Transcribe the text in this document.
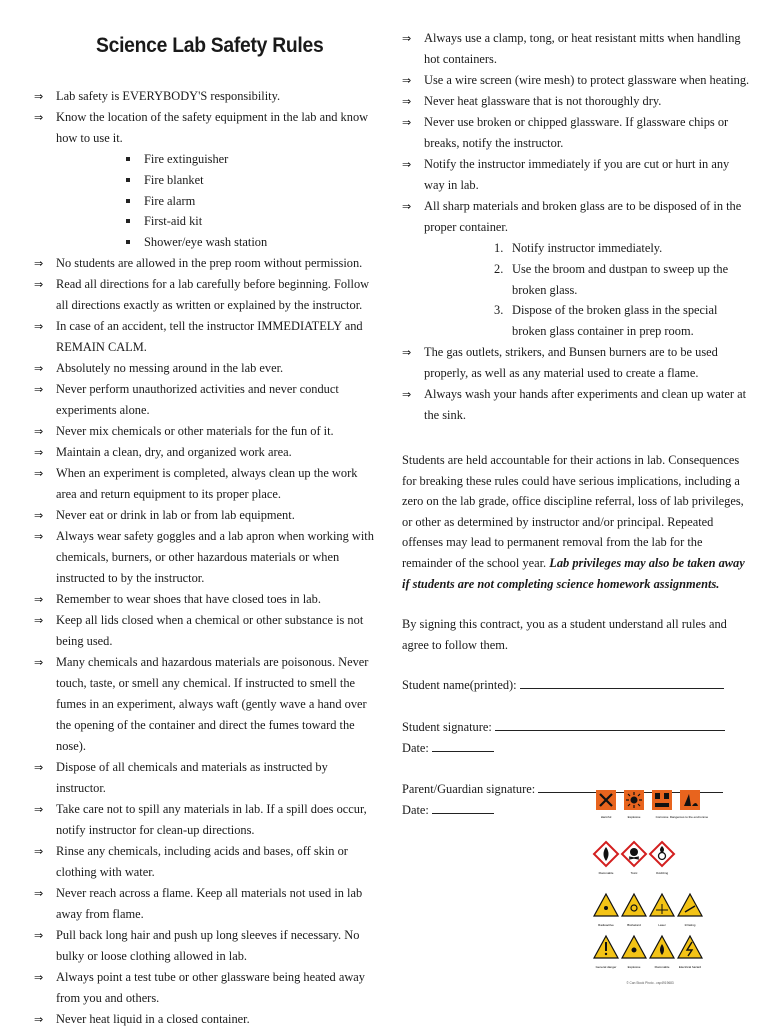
Science Lab Safety Rules
⇒ Lab safety is EVERYBODY'S responsibility.
⇒ Know the location of the safety equipment in the lab and know how to use it.
Fire extinguisher
Fire blanket
Fire alarm
First-aid kit
Shower/eye wash station
⇒ No students are allowed in the prep room without permission.
⇒ Read all directions for a lab carefully before beginning. Follow all directions exactly as written or explained by the instructor.
⇒ In case of an accident, tell the instructor IMMEDIATELY and REMAIN CALM.
⇒ Absolutely no messing around in the lab ever.
⇒ Never perform unauthorized activities and never conduct experiments alone.
⇒ Never mix chemicals or other materials for the fun of it.
⇒ Maintain a clean, dry, and organized work area.
⇒ When an experiment is completed, always clean up the work area and return equipment to its proper place.
⇒ Never eat or drink in lab or from lab equipment.
⇒ Always wear safety goggles and a lab apron when working with chemicals, burners, or other hazardous materials or when instructed to by the instructor.
⇒ Remember to wear shoes that have closed toes in lab.
⇒ Keep all lids closed when a chemical or other substance is not being used.
⇒ Many chemicals and hazardous materials are poisonous. Never touch, taste, or smell any chemical. If instructed to smell the fumes in an experiment, always waft (gently wave a hand over the opening of the container and direct the fumes toward the nose).
⇒ Dispose of all chemicals and materials as instructed by instructor.
⇒ Take care not to spill any materials in lab. If a spill does occur, notify instructor for clean-up directions.
⇒ Rinse any chemicals, including acids and bases, off skin or clothing with water.
⇒ Never reach across a flame. Keep all materials not used in lab away from flame.
⇒ Pull back long hair and push up long sleeves if necessary. No bulky or loose clothing allowed in lab.
⇒ Always point a test tube or other glassware being heated away from you and others.
⇒ Never heat liquid in a closed container.
⇒ Always use a clamp, tong, or heat resistant mitts when handling hot containers.
⇒ Use a wire screen (wire mesh) to protect glassware when heating.
⇒ Never heat glassware that is not thoroughly dry.
⇒ Never use broken or chipped glassware. If glassware chips or breaks, notify the instructor.
⇒ Notify the instructor immediately if you are cut or hurt in any way in lab.
⇒ All sharp materials and broken glass are to be disposed of in the proper container.
1. Notify instructor immediately.
2. Use the broom and dustpan to sweep up the broken glass.
3. Dispose of the broken glass in the special broken glass container in prep room.
⇒ The gas outlets, strikers, and Bunsen burners are to be used properly, as well as any material used to create a flame.
⇒ Always wash your hands after experiments and clean up water at the sink.

Students are held accountable for their actions in lab. Consequences for breaking these rules could have serious implications, including a zero on the lab grade, office discipline referral, loss of lab privileges, or other as determined by instructor and/or principal. Repeated offenses may lead to permanent removal from the lab for the remainder of the school year. Lab privileges may also be taken away if students are not completing science homework assignments.

By signing this contract, you as a student understand all rules and agree to follow them.

Student name(printed):
Student signature:
Date:
Parent/Guardian signature:
Date:
Harmful	Explosive	Corrosive Dangerous to the environment
Flammable	Toxic	Oxidizing
Radioactive	Biohazard	Laser	Irritating
General danger	Explosive	Flammable	Electrical hazard
© Can Stock Photo - csp4919683
